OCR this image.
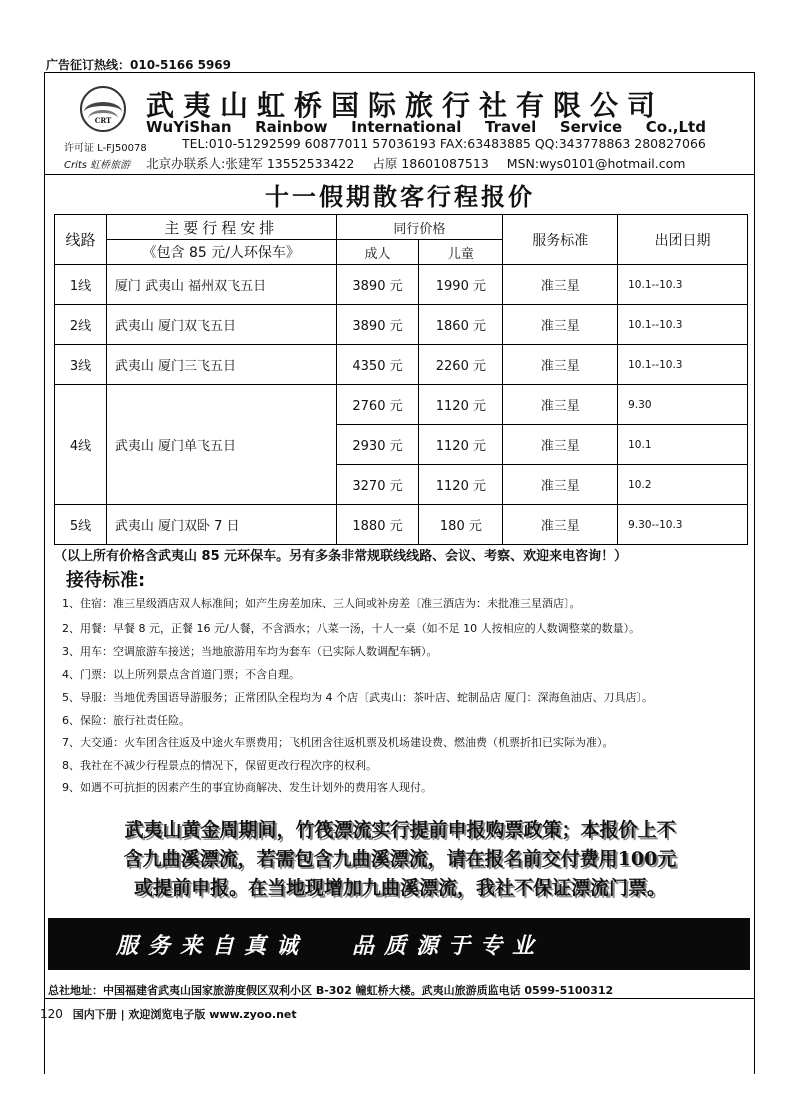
广告征订热线：010-5166 5969
CRT	武夷山虹桥国际旅行社有限公司
WuYiShan Rainbow International Travel Service Co.,Ltd
许可证 L-FJ50078	TEL:010-51292599 60877011 57036193 FAX:63483885 QQ:343778863 280827066
Crits 虹桥旅游 北京办联系人:张建军 13552533422 占原 18601087513 MSN:wys0101@hotmail.com
十一假期散客行程报价
线路	主要行程安排	同行价格		服务标准	出团日期
	《包含 85 元/人环保车》	成人	儿童		
1线	厦门 武夷山 福州双飞五日	3890 元	1990 元	准三星	10.1--10.3
2线	武夷山 厦门双飞五日	3890 元	1860 元	准三星	10.1--10.3
3线	武夷山 厦门三飞五日	4350 元	2260 元	准三星	10.1--10.3
4线	武夷山 厦门单飞五日	2760 元	1120 元	准三星	9.30
		2930 元	1120 元	准三星	10.1
		3270 元	1120 元	准三星	10.2
5线	武夷山 厦门双卧 7 日	1880 元	180 元	准三星	9.30--10.3
（以上所有价格含武夷山 85 元环保车。另有多条非常规联线线路、会议、考察、欢迎来电咨询！）
接待标准:
1、住宿：准三星级酒店双人标准间；如产生房差加床、三人间或补房差〔准三酒店为：未批准三星酒店〕。
2、用餐：早餐 8 元，正餐 16 元/人餐，不含酒水；八菜一汤，十人一桌（如不足 10 人按相应的人数调整菜的数量）。
3、用车：空调旅游车接送；当地旅游用车均为套车（已实际人数调配车辆）。
4、门票：以上所列景点含首道门票；不含自理。
5、导服：当地优秀国语导游服务；正常团队全程均为 4 个店〔武夷山：茶叶店、蛇制品店 厦门：深海鱼油店、刀具店〕。
6、保险：旅行社责任险。
7、大交通：火车团含往返及中途火车票费用；飞机团含往返机票及机场建设费、燃油费（机票折扣已实际为准）。
8、我社在不减少行程景点的情况下，保留更改行程次序的权利。
9、如遇不可抗拒的因素产生的事宜协商解决、发生计划外的费用客人现付。
武夷山黄金周期间，竹筏漂流实行提前申报购票政策；本报价上不
含九曲溪漂流，若需包含九曲溪漂流，请在报名前交付费用100元
或提前申报。在当地现增加九曲溪漂流，我社不保证漂流门票。
服务来自真诚 品质源于专业
总社地址：中国福建省武夷山国家旅游度假区双利小区 B-302 幢虹桥大楼。武夷山旅游质监电话 0599-5100312
120 国内下册 | 欢迎浏览电子版 www.zyoo.net
